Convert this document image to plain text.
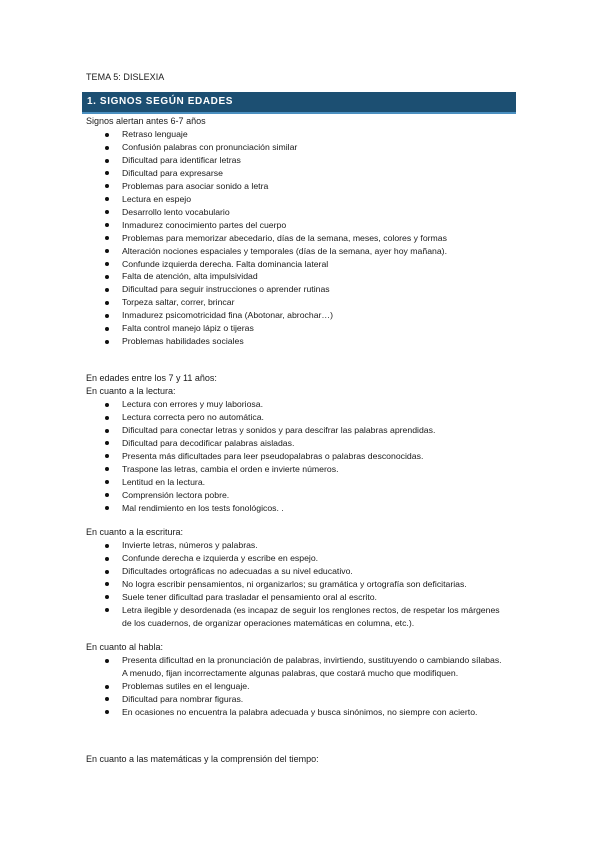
TEMA 5: DISLEXIA
1. SIGNOS SEGÚN EDADES
Signos alertan antes 6-7 años
Retraso lenguaje
Confusión palabras con pronunciación similar
Dificultad para identificar letras
Dificultad para expresarse
Problemas para asociar sonido a letra
Lectura en espejo
Desarrollo lento vocabulario
Inmadurez conocimiento partes del cuerpo
Problemas para memorizar abecedario, días de la semana, meses, colores y formas
Alteración nociones espaciales y temporales (días de la semana, ayer hoy mañana).
Confunde izquierda derecha. Falta dominancia lateral
Falta de atención, alta impulsividad
Dificultad para seguir instrucciones o aprender rutinas
Torpeza saltar, correr, brincar
Inmadurez psicomotricidad fina (Abotonar, abrochar…)
Falta control manejo lápiz o tijeras
Problemas habilidades sociales
En edades entre los 7 y 11 años:
En cuanto a la lectura:
Lectura con errores y muy laboriosa.
Lectura correcta pero no automática.
Dificultad para conectar letras y sonidos y para descifrar las palabras aprendidas.
Dificultad para decodificar palabras aisladas.
Presenta más dificultades para leer pseudopalabras o palabras desconocidas.
Traspone las letras, cambia el orden e invierte números.
Lentitud en la lectura.
Comprensión lectora pobre.
Mal rendimiento en los tests fonológicos. .
En cuanto a la escritura:
Invierte letras, números y palabras.
Confunde derecha e izquierda y escribe en espejo.
Dificultades ortográficas no adecuadas a su nivel educativo.
No logra escribir pensamientos, ni organizarlos; su gramática y ortografía son deficitarias.
Suele tener dificultad para trasladar el pensamiento oral al escrito.
Letra ilegible y desordenada (es incapaz de seguir los renglones rectos, de respetar los márgenes de los cuadernos, de organizar operaciones matemáticas en columna, etc.).
En cuanto al habla:
Presenta dificultad en la pronunciación de palabras, invirtiendo, sustituyendo o cambiando sílabas. A menudo, fijan incorrectamente algunas palabras, que costará mucho que modifiquen.
Problemas sutiles en el lenguaje.
Dificultad para nombrar figuras.
En ocasiones no encuentra la palabra adecuada y busca sinónimos, no siempre con acierto.
En cuanto a las matemáticas y la comprensión del tiempo:
